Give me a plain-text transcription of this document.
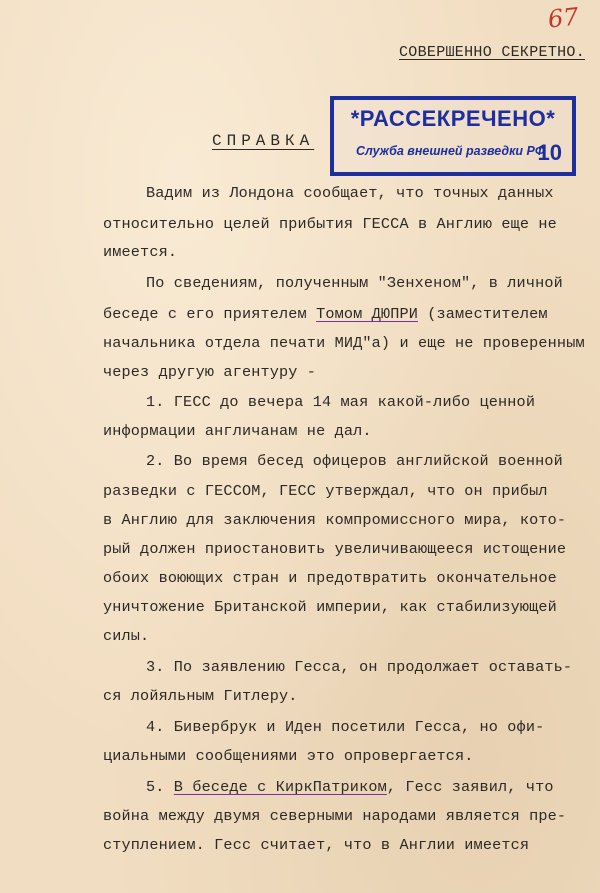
67
СОВЕРШЕННО СЕКРЕТНО.
СПРАВКА
*РАССЕКРЕЧЕНО*
Служба внешней разведки РФ
10
Вадим из Лондона сообщает, что точных данных
относительно целей прибытия ГЕССА в Англию еще не
имеется.
По сведениям, полученным "Зенхеном", в личной
беседе с его приятелем Томом ДЮПРИ (заместителем
начальника отдела печати МИД"а) и еще не проверенным
через другую агентуру -
1. ГЕСС до вечера 14 мая какой-либо ценной
информации англичанам не дал.
2. Во время бесед офицеров английской военной
разведки с ГЕССОМ, ГЕСС утверждал, что он прибыл
в Англию для заключения компромиссного мира, кото-
рый должен приостановить увеличивающееся истощение
обоих воюющих стран и предотвратить окончательное
уничтожение Британской империи, как стабилизующей
силы.
3. По заявлению Гесса, он продолжает оставать-
ся лойяльным Гитлеру.
4. Бивербрук и Иден посетили Гесса, но офи-
циальными сообщениями это опровергается.
5. В беседе с КиркПатриком, Гесс заявил, что
война между двумя северными народами является пре-
ступлением. Гесс считает, что в Англии имеется
